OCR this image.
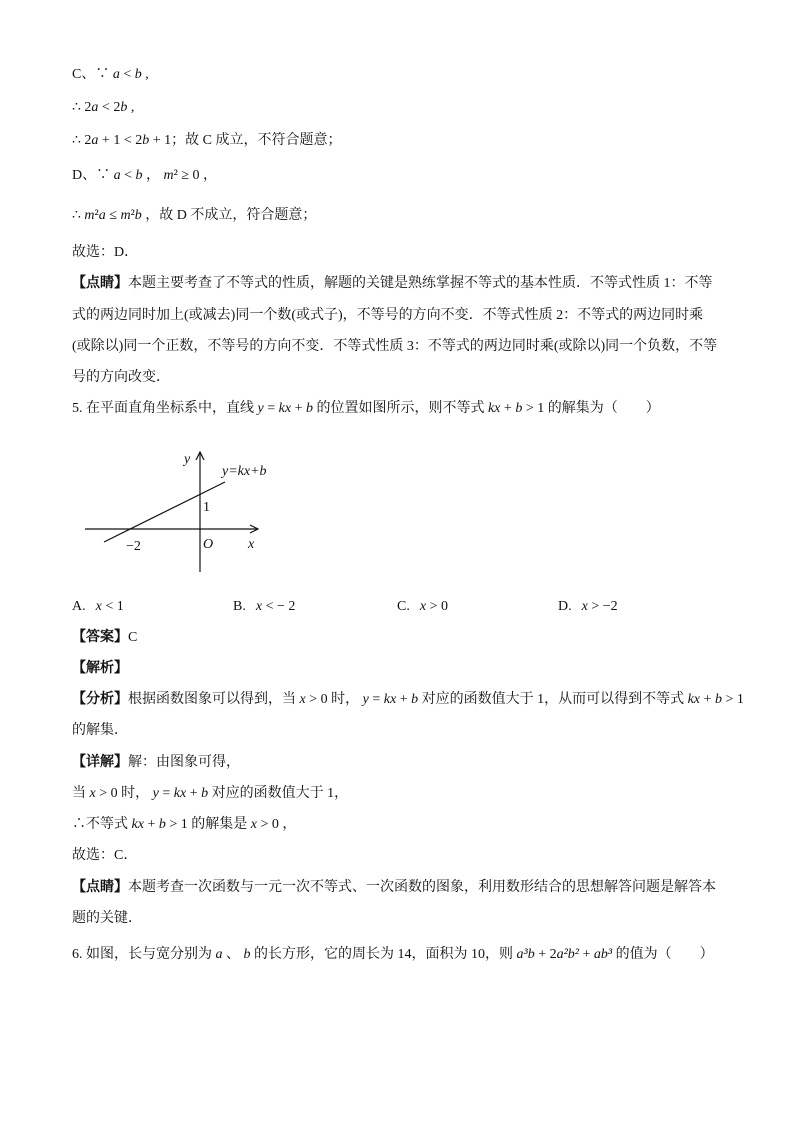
C、∵ a < b ,
∴ 2a < 2b ,
∴ 2a + 1 < 2b + 1；故 C 成立，不符合题意；
D、∵ a < b ， m² ≥ 0 ，
∴ m²a ≤ m²b ，故 D 不成立，符合题意；
故选：D．
【点睛】本题主要考查了不等式的性质，解题的关键是熟练掌握不等式的基本性质．不等式性质 1：不等
式的两边同时加上(或减去)同一个数(或式子)，不等号的方向不变．不等式性质 2：不等式的两边同时乘
(或除以)同一个正数，不等号的方向不变．不等式性质 3：不等式的两边同时乘(或除以)同一个负数，不等
号的方向改变．
5. 在平面直角坐标系中，直线 y = kx + b 的位置如图所示，则不等式 kx + b > 1 的解集为（　　）
y
y=kx+b
1
O x
−2
A. x < 1	B. x < − 2	C. x > 0	D. x > −2
【答案】C
【解析】
【分析】根据函数图象可以得到，当 x > 0 时， y = kx + b 对应的函数值大于 1，从而可以得到不等式 kx + b > 1
的解集．
【详解】解：由图象可得，
当 x > 0 时， y = kx + b 对应的函数值大于 1，
∴不等式 kx + b > 1 的解集是 x > 0 ，
故选：C．
【点睛】本题考查一次函数与一元一次不等式、一次函数的图象，利用数形结合的思想解答问题是解答本
题的关键．
6. 如图，长与宽分别为 a 、 b 的长方形，它的周长为 14，面积为 10，则 a³b + 2a²b² + ab³ 的值为（　　）
